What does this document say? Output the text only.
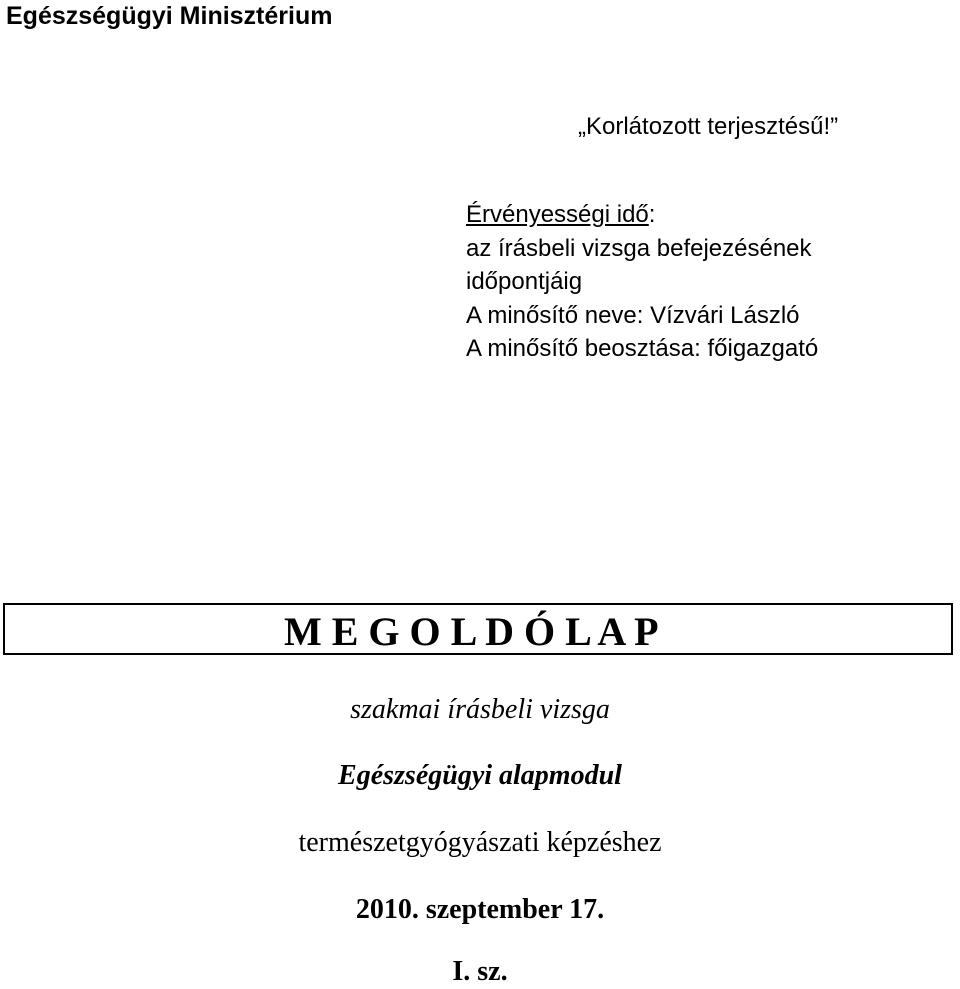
Egészségügyi Minisztérium
„Korlátozott terjesztésű!”
Érvényességi idő:
az írásbeli vizsga befejezésének
időpontjáig
A minősítő neve: Vízvári László
A minősítő beosztása: főigazgató
M E G O L D Ó L A P
szakmai írásbeli vizsga
Egészségügyi alapmodul
természetgyógyászati képzéshez
2010. szeptember 17.
I. sz.
